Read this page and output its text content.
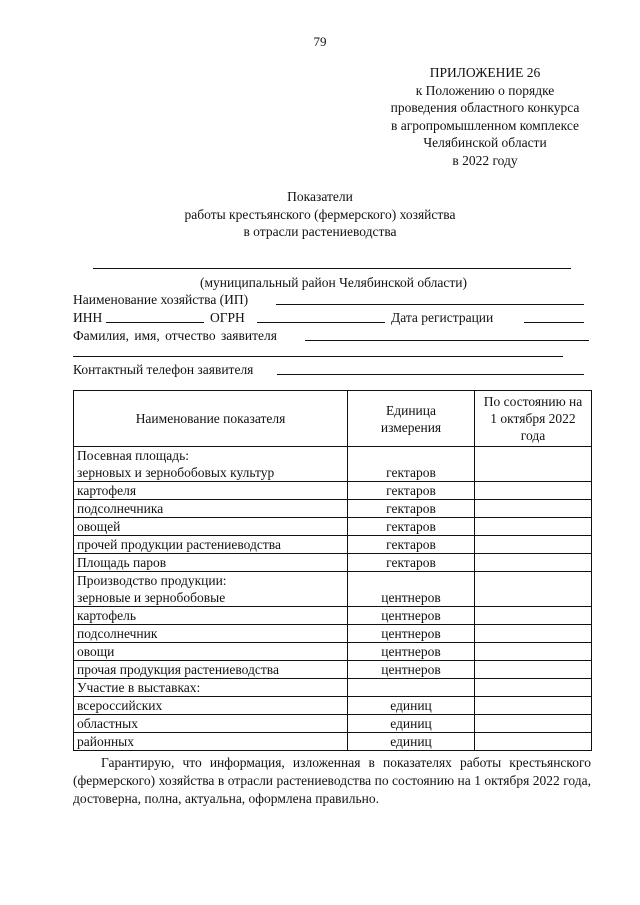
79
ПРИЛОЖЕНИЕ 26
к Положению о порядке
проведения областного конкурса
в агропромышленном комплексе
Челябинской области
в 2022 году
Показатели
работы крестьянского (фермерского) хозяйства
в отрасли растениеводства
(муниципальный район Челябинской области)
Наименование хозяйства (ИП)
ИНН	ОГРН	Дата регистрации
Фамилия, имя, отчество заявителя
Контактный телефон заявителя
Наименование показателя	Единица измерения	По состоянию на 1 октября 2022 года

Посевная площадь:
зерновых и зернобобовых культур	гектаров	

картофеля	гектаров	

подсолнечника	гектаров	

овощей	гектаров	

прочей продукции растениеводства	гектаров	

Площадь паров	гектаров	

Производство продукции:
зерновые и зернобобовые	центнеров	

картофель	центнеров	

подсолнечник	центнеров	

овощи	центнеров	

прочая продукция растениеводства	центнеров	

Участие в выставках:		

всероссийских	единиц	

областных	единиц	

районных	единиц	
Гарантирую, что информация, изложенная в показателях работы крестьянского (фермерского) хозяйства в отрасли растениеводства по состоянию на 1 октября 2022 года, достоверна, полна, актуальна, оформлена правильно.
